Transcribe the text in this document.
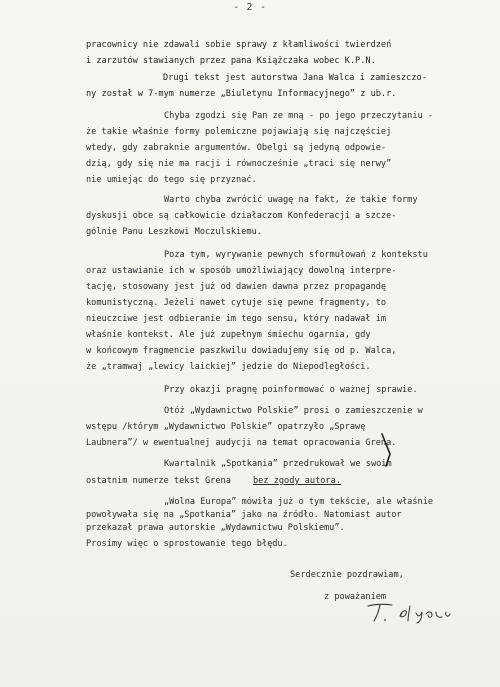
- 2 -
pracownicy nie zdawali sobie sprawy z kłamliwości twierdzeń
i zarzutów stawianych przez pana Książczaka wobec K.P.N.
Drugi tekst jest autorstwa Jana Walca i zamieszczo-
ny został w 7-mym numerze „Biuletynu Informacyjnego” z ub.r.
Chyba zgodzi się Pan ze mną - po jego przeczytaniu -
że takie właśnie formy polemiczne pojawiają się najczęściej
wtedy, gdy zabraknie argumentów. Obelgi są jedyną odpowie-
dzią, gdy się nie ma racji i równocześnie „traci się nerwy”
nie umiejąc do tego się przyznać.
Warto chyba zwrócić uwagę na fakt, że takie formy
dyskusji obce są całkowicie działaczom Konfederacji a szcze-
gólnie Panu Leszkowi Moczulskiemu.
Poza tym, wyrywanie pewnych sformułowań z kontekstu
oraz ustawianie ich w sposób umożliwiający dowolną interpre-
tację, stosowany jest już od dawien dawna przez propagandę
komunistyczną. Jeżeli nawet cytuje się pewne fragmenty, to
nieuczciwe jest odbieranie im tego sensu, który nadawał im
właśnie kontekst. Ale już zupełnym śmiechu ogarnia, gdy
w końcowym fragmencie paszkwilu dowiadujemy się od p. Walca,
że „tramwaj „lewicy laickiej” jedzie do Niepodległości.
Przy okazji pragnę poinformować o ważnej sprawie.
Otóż „Wydawnictwo Polskie” prosi o zamieszczenie w
wstępu /którym „Wydawnictwo Polskie” opatrzyło „Sprawę
Laubnera”/ w ewentualnej audycji na temat opracowania Grena.
Kwartalnik „Spotkania” przedrukował we swoim
ostatnim numerze tekst Grena	bez zgody autora.
„Wolna Europa” mówiła już o tym tekście, ale właśnie
powoływała się na „Spotkania” jako na źródło. Natomiast autor
przekazał prawa autorskie „Wydawnictwu Polskiemu”.
Prosimy więc o sprostowanie tego błędu.
Serdecznie pozdrawiam,
z poważaniem
